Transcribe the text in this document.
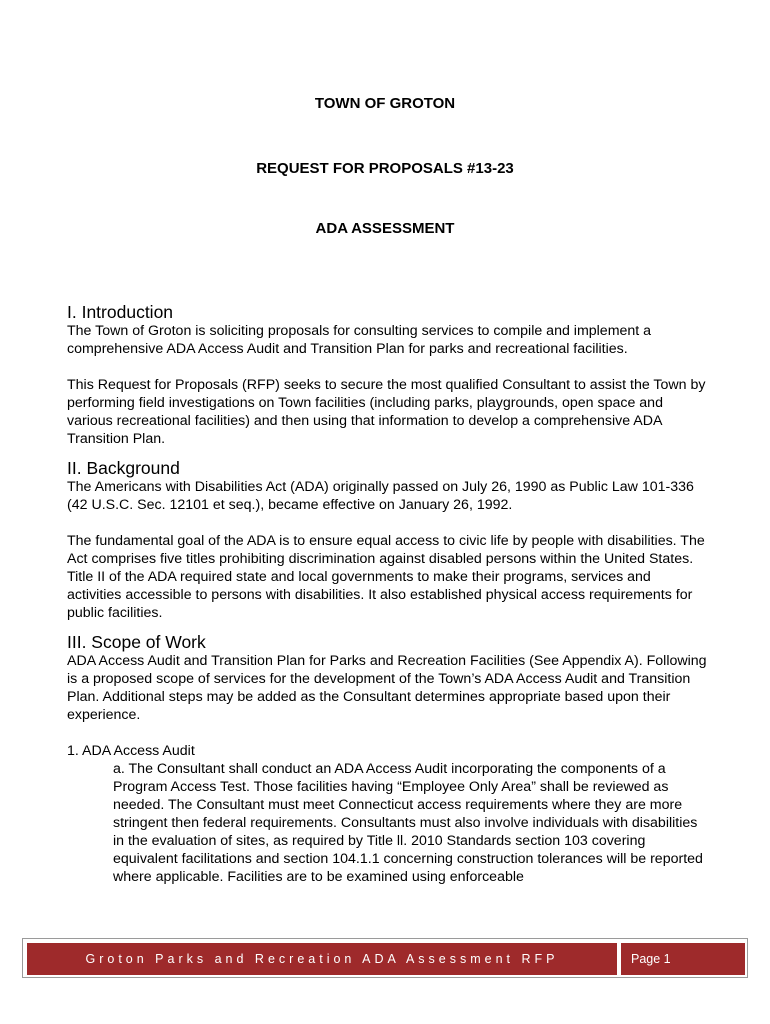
TOWN OF GROTON
REQUEST FOR PROPOSALS #13-23
ADA ASSESSMENT
I. Introduction

The Town of Groton is soliciting proposals for consulting services to compile and implement a comprehensive ADA Access Audit and Transition Plan for parks and recreational facilities.

This Request for Proposals (RFP) seeks to secure the most qualified Consultant to assist the Town by performing field investigations on Town facilities (including parks, playgrounds, open space and various recreational facilities) and then using that information to develop a comprehensive ADA Transition Plan.

II. Background

The Americans with Disabilities Act (ADA) originally passed on July 26, 1990 as Public Law 101-336 (42 U.S.C. Sec. 12101 et seq.), became effective on January 26, 1992.

The fundamental goal of the ADA is to ensure equal access to civic life by people with disabilities. The Act comprises five titles prohibiting discrimination against disabled persons within the United States. Title II of the ADA required state and local governments to make their programs, services and activities accessible to persons with disabilities. It also established physical access requirements for public facilities.

III. Scope of Work

ADA Access Audit and Transition Plan for Parks and Recreation Facilities (See Appendix A). Following is a proposed scope of services for the development of the Town’s ADA Access Audit and Transition Plan. Additional steps may be added as the Consultant determines appropriate based upon their experience.

1. ADA Access Audit

a. The Consultant shall conduct an ADA Access Audit incorporating the components of a Program Access Test. Those facilities having “Employee Only Area” shall be reviewed as needed. The Consultant must meet Connecticut access requirements where they are more stringent then federal requirements. Consultants must also involve individuals with disabilities in the evaluation of sites, as required by Title ll. 2010 Standards section 103 covering equivalent facilitations and section 104.1.1 concerning construction tolerances will be reported where applicable. Facilities are to be examined using enforceable

Groton Parks and Recreation ADA Assessment RFP	Page 1
